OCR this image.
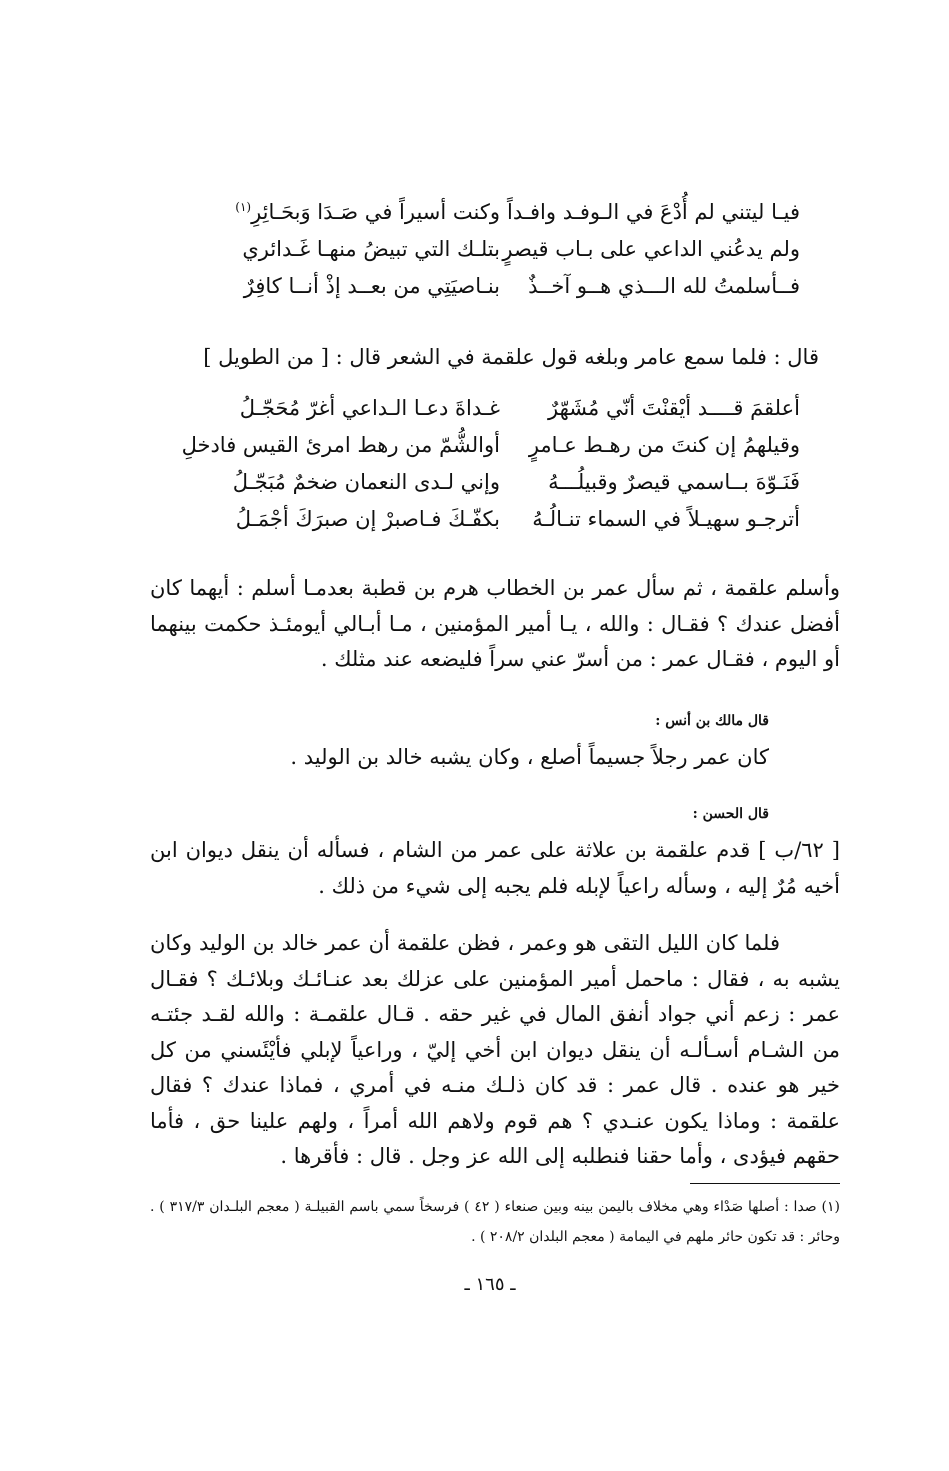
فيـا ليتني لم أُدْعَ في الـوفـد وافـداً
وكنت أسيراً في صَـدَا وَبحَـائِرِ$^{(١)}$
ولم يدعُني الداعي على بـاب قيصرٍ
بتلـك التي تبيضُ منهـا غَـدائري
فــأسلمتُ لله الـــذي هــو آخــذٌ
بنـاصيَتِي من بعــد إذْ أنــا كافِرٌ
قال : فلما سمع عامر وبلغه قول علقمة في الشعر قال : [ من الطويل ]
أعلقمَ قــــد أيْقنْتَ أنّي مُشَهّرٌ
غـداةَ دعـا الـداعي أغرّ مُحَجّـلُ
وقيلهمُ إن كنتَ من رهـط عـامرٍ
أوالشُّمّ من رهط امرئ القيس فادخلِ
فَنَـوّهَ بــاسمي قيصرٌ وقبيلُـــهُ
وإني لـدى النعمان ضخمٌ مُبَجّـلُ
أترجـو سهيـلاً في السماء تنـالُـهُ
بكفّـكَ فـاصبرْ إن صبرَكَ أجْمَـلُ
وأسلم علقمة ، ثم سأل عمر بن الخطاب هرم بن قطبة بعدمـا أسلم : أيهما كان أفضل عندك ؟ فقـال : والله ، يـا أمير المؤمنين ، مـا أبـالي أيومئـذ حكمت بينهما أو اليوم ، فقـال عمر : من أسرّ عني سراً فليضعه عند مثلك .
قال مالك بن أنس :
كان عمر رجلاً جسيماً أصلع ، وكان يشبه خالد بن الوليد .
قال الحسن :
[ ٦٢/ب ] قدم علقمة بن علاثة على عمر من الشام ، فسأله أن ينقل ديوان ابن أخيه مُرٌ إليه ، وسأله راعياً لإبله فلم يجبه إلى شيء من ذلك .
فلما كان الليل التقى هو وعمر ، فظن علقمة أن عمر خالد بن الوليد وكان يشبه به ، فقال : ماحمل أمير المؤمنين على عزلك بعد عنـائـك وبلائـك ؟ فقـال عمر : زعم أني جواد أنفق المال في غير حقه . قـال علقمـة : والله لقـد جئتـه من الشـام أسـألـه أن ينقل ديوان ابن أخي إليّ ، وراعياً لإبلي فأيْئَسني من كل خير هو عنده . قال عمر : قد كان ذلـك منـه في أمري ، فماذا عندك ؟ فقال علقمة : وماذا يكون عنـدي ؟ هم قوم ولاهم الله أمراً ، ولهم علينا حق ، فأما حقهم فيؤدى ، وأما حقنا فنطلبه إلى الله عز وجل . قال : فأقرها .
(١) صدا : أصلها صَدْاء وهي مخلاف باليمن بينه وبين صنعاء ( ٤٢ ) فرسخاً سمي باسم القبيلـة ( معجم البلـدان ٣١٧/٣ ) . وحائر : قد تكون حائر ملهم في اليمامة ( معجم البلدان ٢٠٨/٢ ) .
ـ ١٦٥ ـ
